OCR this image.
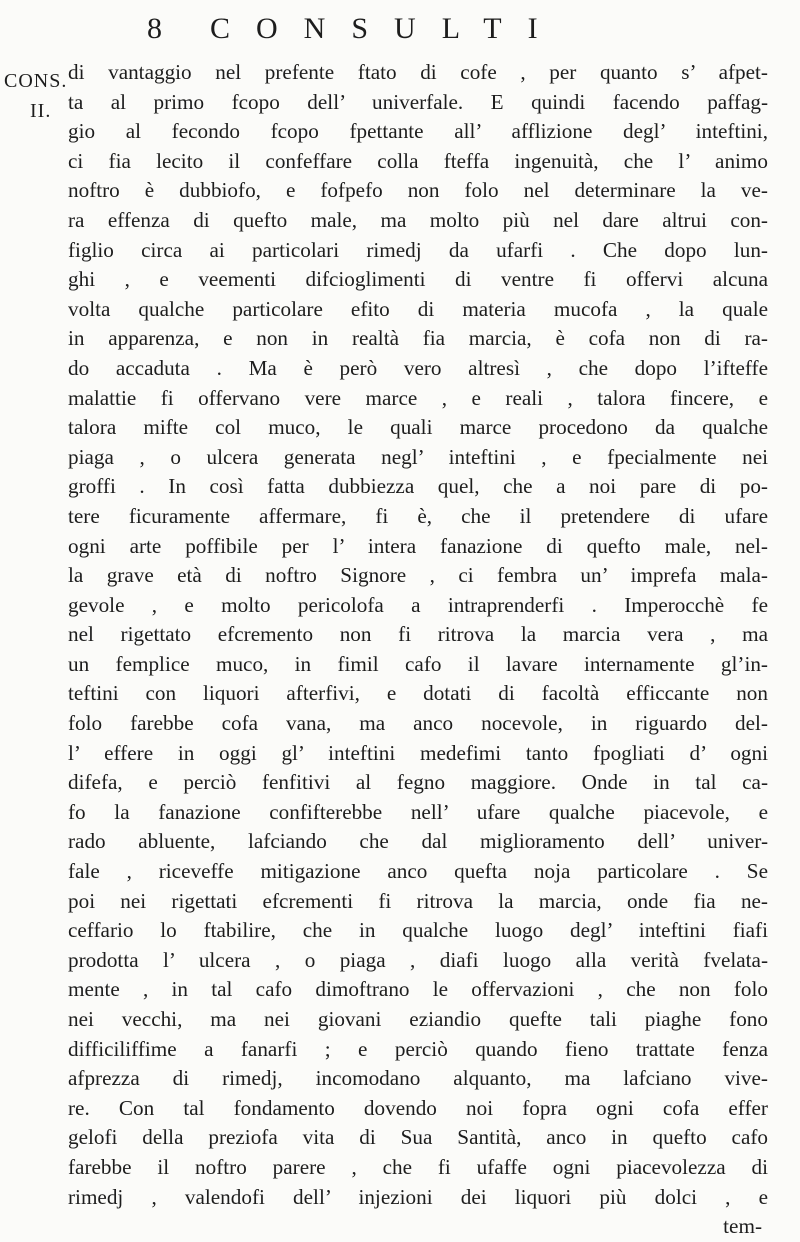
8 CONSULTI
CONS.
II.
di vantaggio nel prefente ftato di cofe , per quanto s’ afpet-
ta al primo fcopo dell’ univerfale. E quindi facendo paffag-
gio al fecondo fcopo fpettante all’ afflizione degl’ inteftini,
ci fia lecito il confeffare colla fteffa ingenuità, che l’ animo
noftro è dubbiofo, e fofpefo non folo nel determinare la ve-
ra effenza di quefto male, ma molto più nel dare altrui con-
figlio circa ai particolari rimedj da ufarfi . Che dopo lun-
ghi , e veementi difcioglimenti di ventre fi offervi alcuna
volta qualche particolare efito di materia mucofa , la quale
in apparenza, e non in realtà fia marcia, è cofa non di ra-
do accaduta . Ma è però vero altresì , che dopo l’ifteffe
malattie fi offervano vere marce , e reali , talora fincere, e
talora mifte col muco, le quali marce procedono da qualche
piaga , o ulcera generata negl’ inteftini , e fpecialmente nei
groffi . In così fatta dubbiezza quel, che a noi pare di po-
tere ficuramente affermare, fi è, che il pretendere di ufare
ogni arte poffibile per l’ intera fanazione di quefto male, nel-
la grave età di noftro Signore , ci fembra un’ imprefa mala-
gevole , e molto pericolofa a intraprenderfi . Imperocchè fe
nel rigettato efcremento non fi ritrova la marcia vera , ma
un femplice muco, in fimil cafo il lavare internamente gl’in-
teftini con liquori afterfivi, e dotati di facoltà efficcante non
folo farebbe cofa vana, ma anco nocevole, in riguardo del-
l’ effere in oggi gl’ inteftini medefimi tanto fpogliati d’ ogni
difefa, e perciò fenfitivi al fegno maggiore. Onde in tal ca-
fo la fanazione confifterebbe nell’ ufare qualche piacevole, e
rado abluente, lafciando che dal miglioramento dell’ univer-
fale , riceveffe mitigazione anco quefta noja particolare . Se
poi nei rigettati efcrementi fi ritrova la marcia, onde fia ne-
ceffario lo ftabilire, che in qualche luogo degl’ inteftini fiafi
prodotta l’ ulcera , o piaga , diafi luogo alla verità fvelata-
mente , in tal cafo dimoftrano le offervazioni , che non folo
nei vecchi, ma nei giovani eziandio quefte tali piaghe fono
difficiliffime a fanarfi ; e perciò quando fieno trattate fenza
afprezza di rimedj, incomodano alquanto, ma lafciano vive-
re. Con tal fondamento dovendo noi fopra ogni cofa effer
gelofi della preziofa vita di Sua Santità, anco in quefto cafo
farebbe il noftro parere , che fi ufaffe ogni piacevolezza di
rimedj , valendofi dell’ injezioni dei liquori più dolci , e
tem-
